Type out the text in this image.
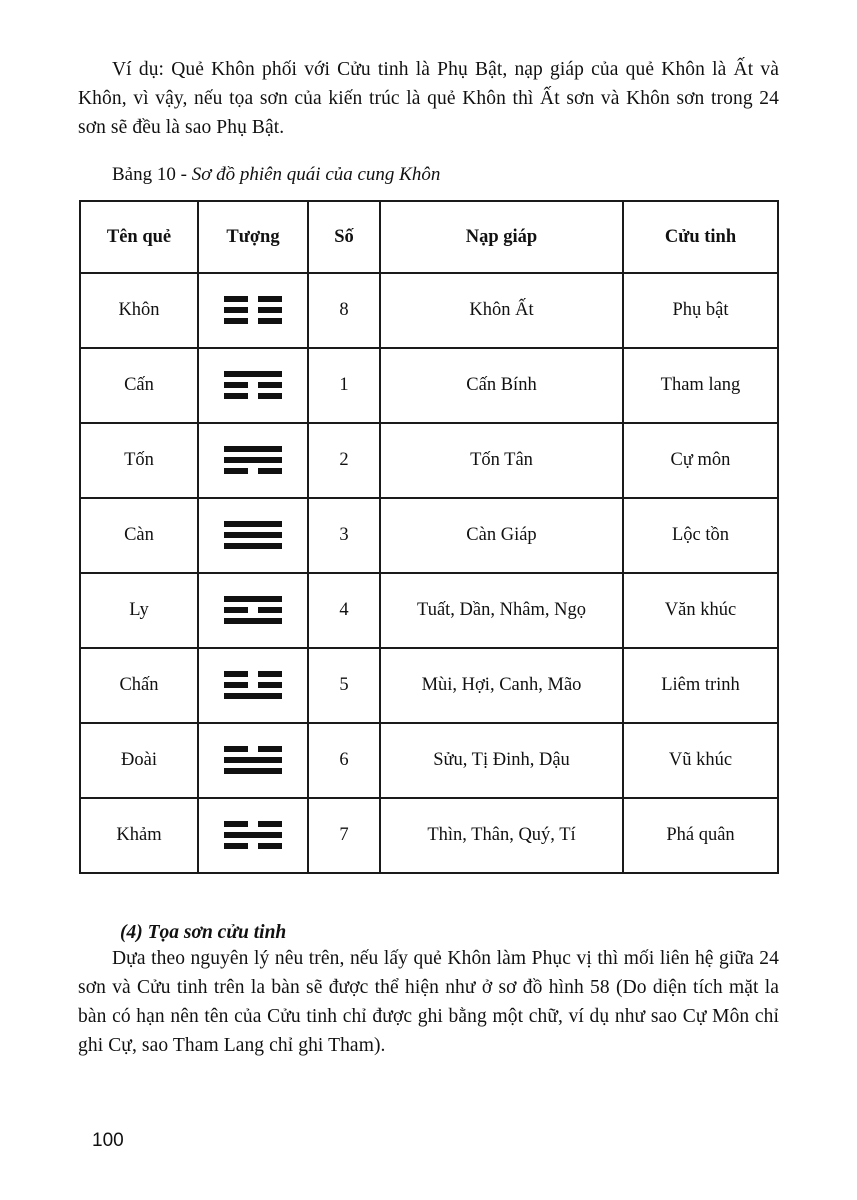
Ví dụ: Quẻ Khôn phối với Cửu tinh là Phụ Bật, nạp giáp của quẻ Khôn là Ất và Khôn, vì vậy, nếu tọa sơn của kiến trúc là quẻ Khôn thì Ất sơn và Khôn sơn trong 24 sơn sẽ đều là sao Phụ Bật.

Bảng 10 - Sơ đồ phiên quái của cung Khôn
Tên quẻ	Tượng	Số	Nạp giáp	Cửu tinh
Khôn		8	Khôn Ất	Phụ bật
Cấn		1	Cấn Bính	Tham lang
Tốn		2	Tốn Tân	Cự môn
Càn		3	Càn Giáp	Lộc tồn
Ly		4	Tuất, Dần, Nhâm, Ngọ	Văn khúc
Chấn		5	Mùi, Hợi, Canh, Mão	Liêm trinh
Đoài		6	Sửu, Tị Đinh, Dậu	Vũ khúc
Khảm		7	Thìn, Thân, Quý, Tí	Phá quân

(4) Tọa sơn cửu tinh

Dựa theo nguyên lý nêu trên, nếu lấy quẻ Khôn làm Phục vị thì mối liên hệ giữa 24 sơn và Cửu tinh trên la bàn sẽ được thể hiện như ở sơ đồ hình 58 (Do diện tích mặt la bàn có hạn nên tên của Cửu tinh chỉ được ghi bằng một chữ, ví dụ như sao Cự Môn chỉ ghi Cự, sao Tham Lang chỉ ghi Tham).

100
